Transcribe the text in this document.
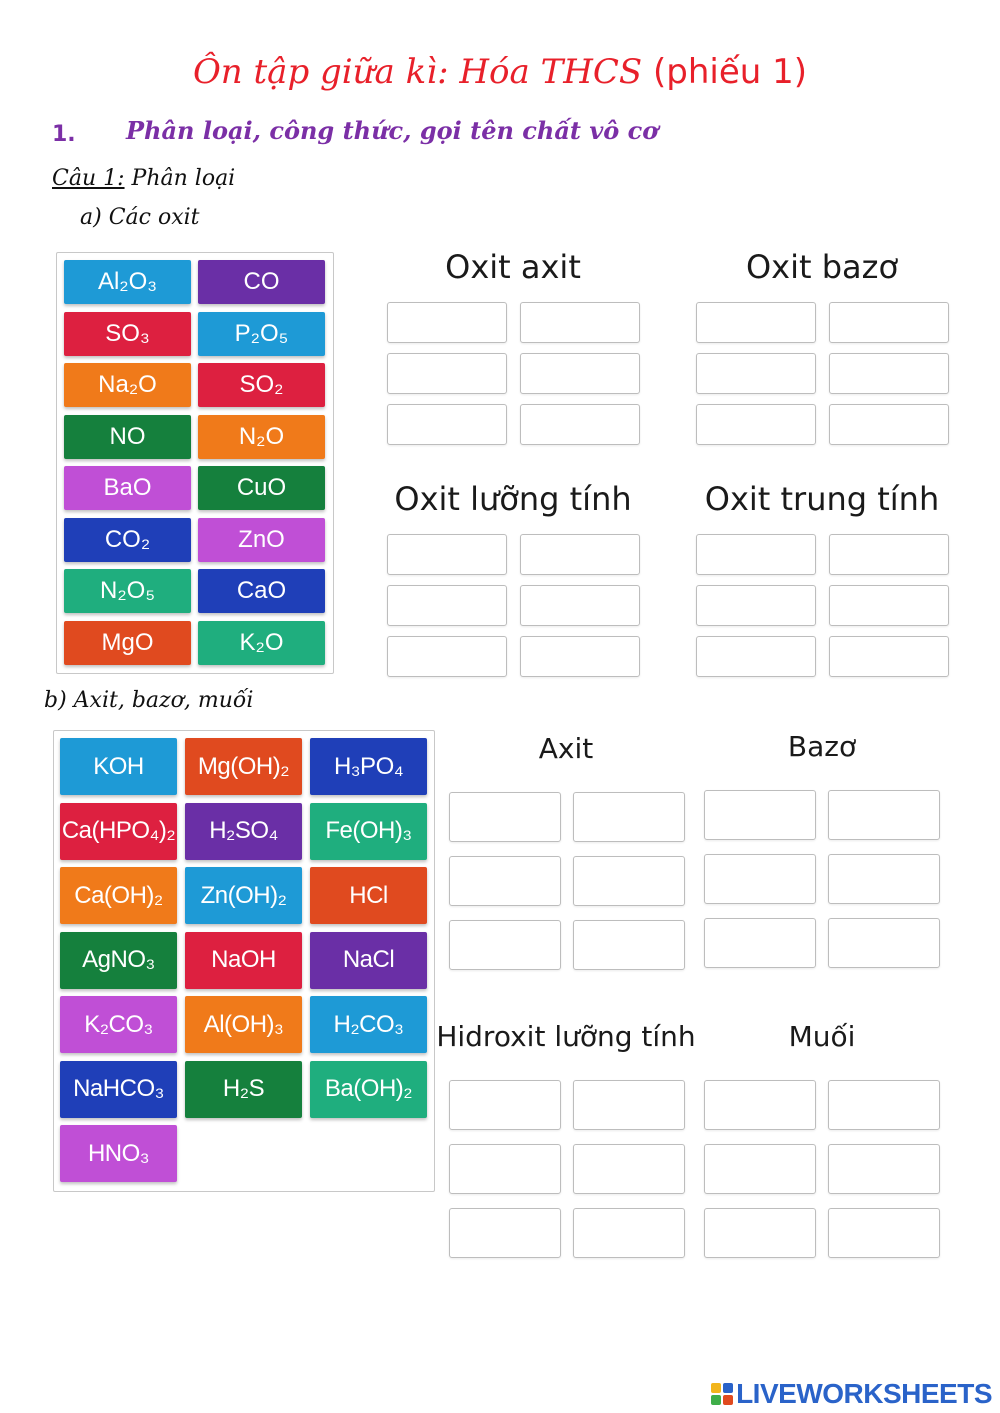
Ôn tập giữa kì: Hóa THCS (phiếu 1)
1. Phân loại, công thức, gọi tên chất vô cơ
Câu 1: Phân loại
a) Các oxit
Al₂O₃	CO
SO₃	P₂O₅
Na₂O	SO₂
NO	N₂O
BaO	CuO
CO₂	ZnO
N₂O₅	CaO
MgO	K₂O
Oxit axit	Oxit bazơ
Oxit lưỡng tính	Oxit trung tính
b) Axit, bazơ, muối
KOH	Mg(OH)₂	H₃PO₄
Ca(HPO₄)₂	H₂SO₄	Fe(OH)₃
Ca(OH)₂	Zn(OH)₂	HCl
AgNO₃	NaOH	NaCl
K₂CO₃	Al(OH)₃	H₂CO₃
NaHCO₃	H₂S	Ba(OH)₂
HNO₃
Axit	Bazơ
Hidroxit lưỡng tính	Muối
LIVEWORKSHEETS
